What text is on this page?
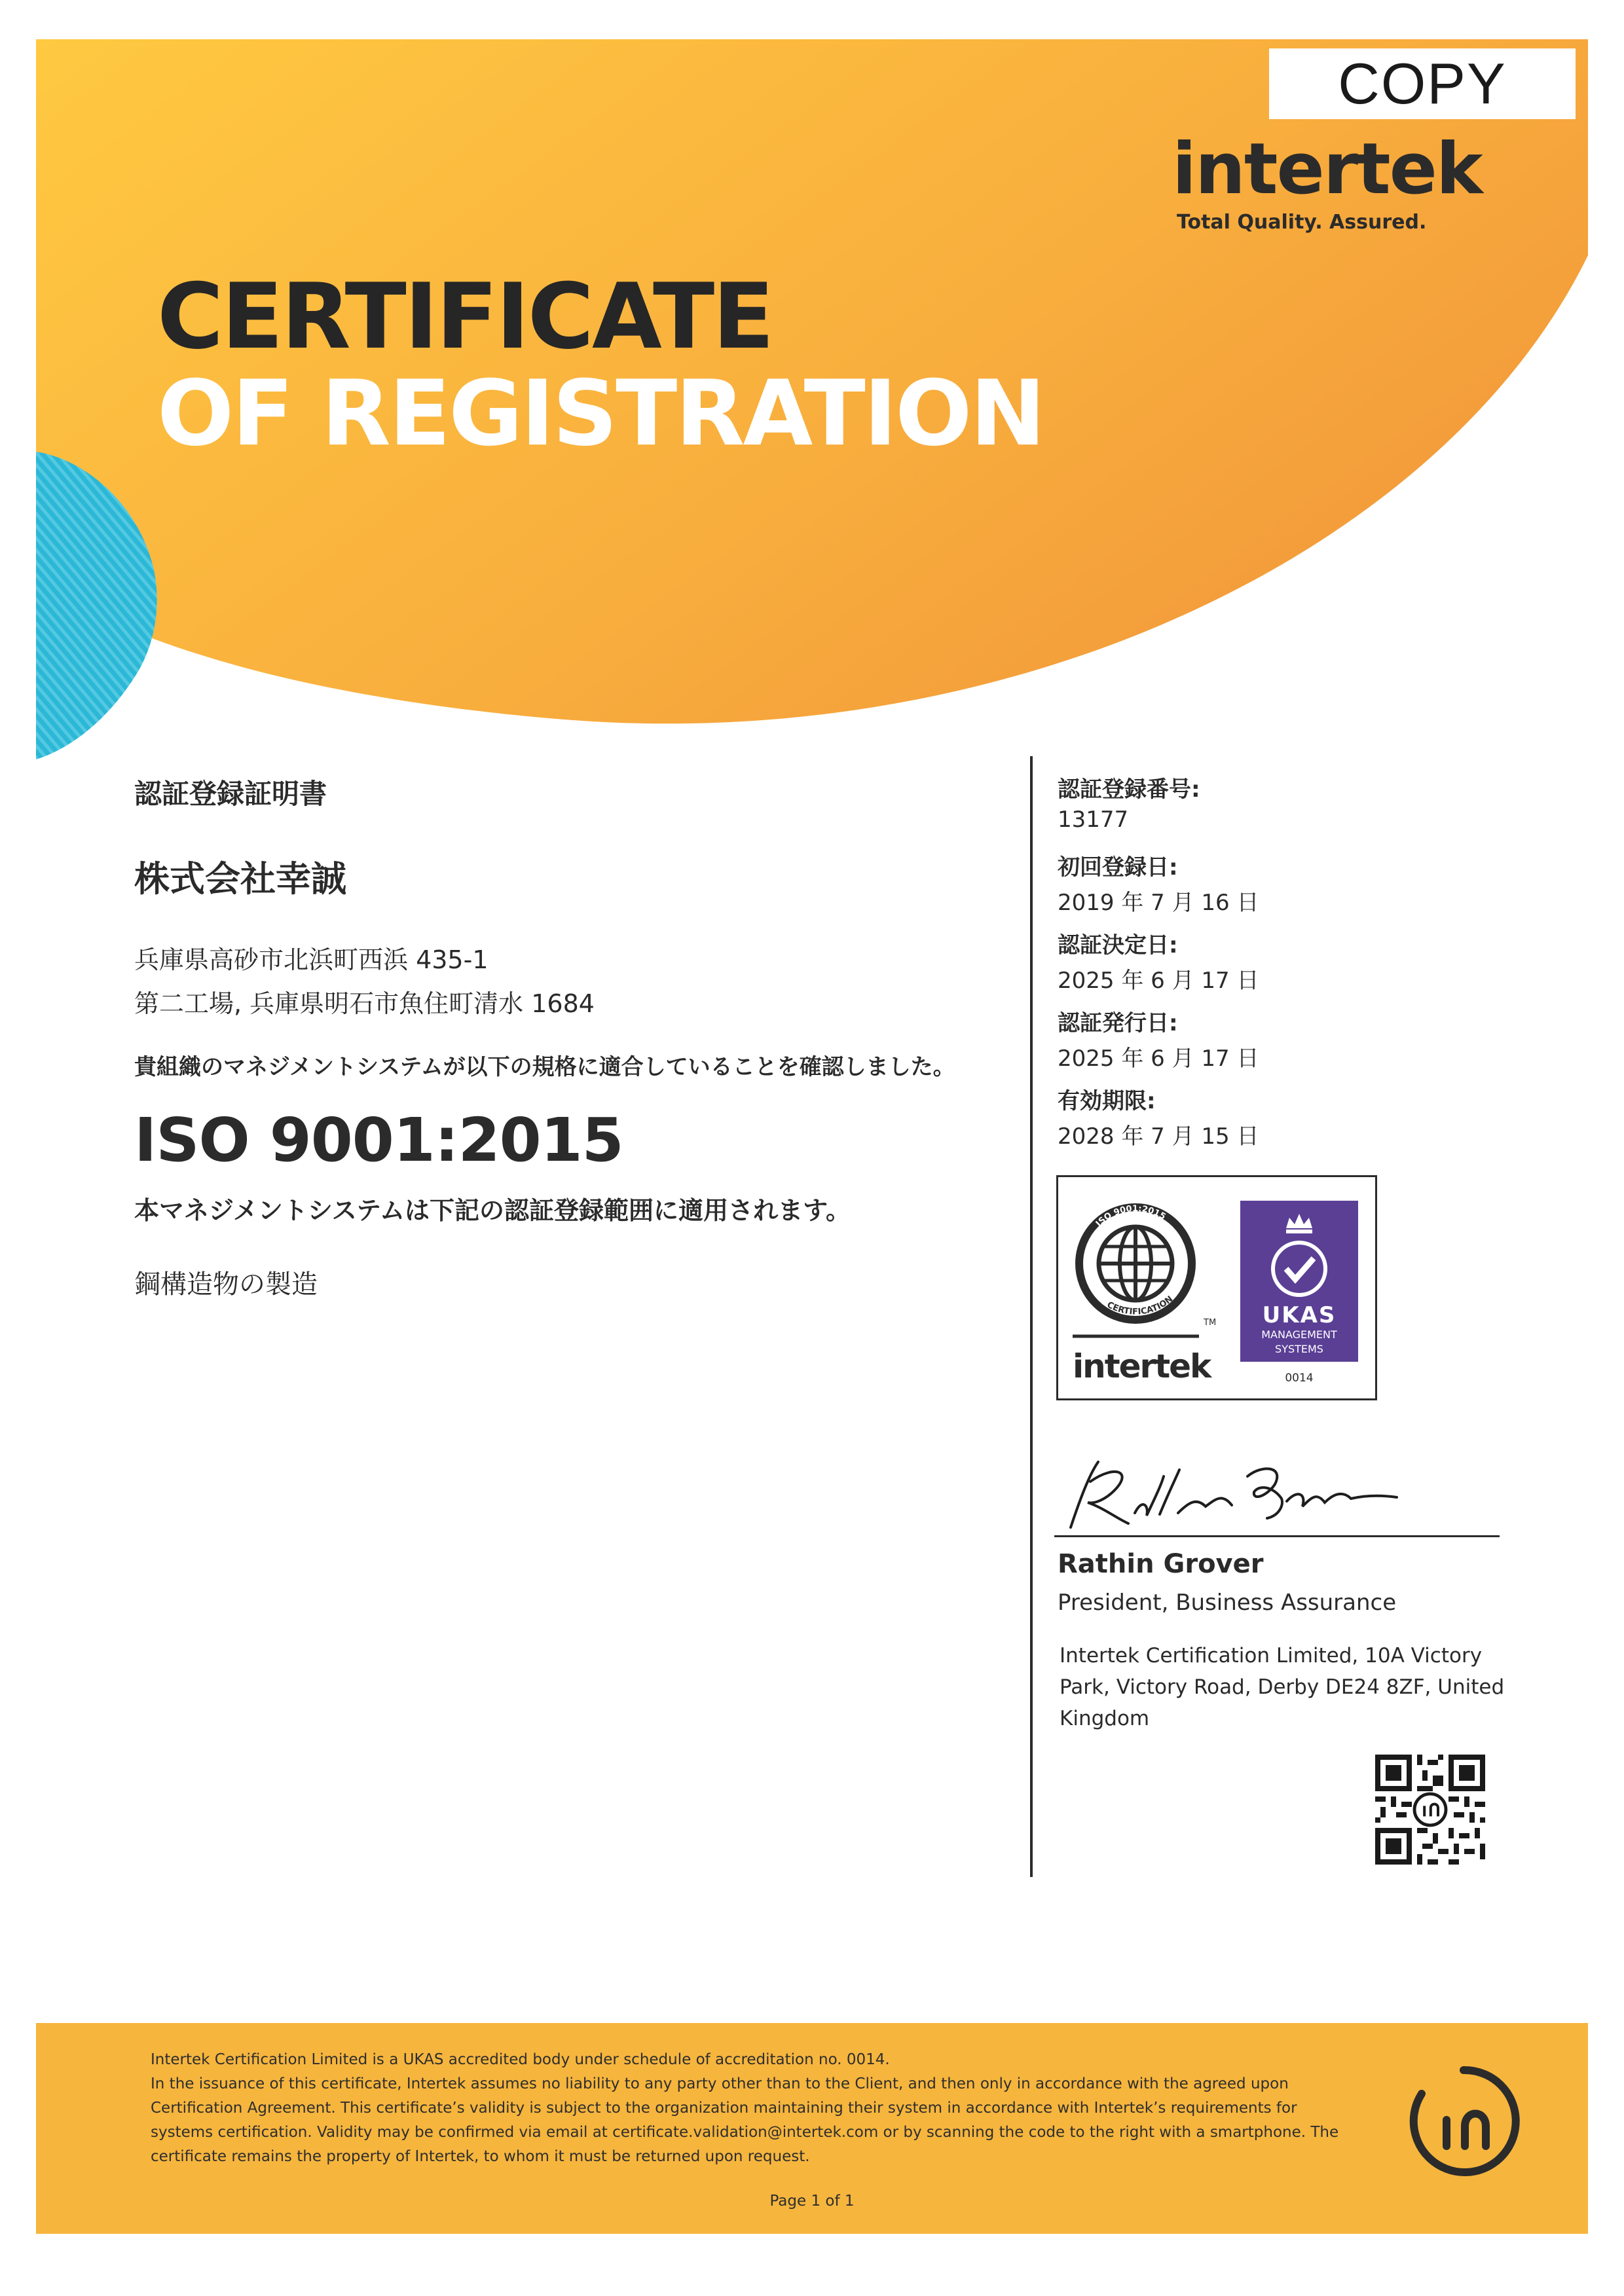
COPY
intertek
Total Quality. Assured.
CERTIFICATE
OF REGISTRATION
認証登録証明書
株式会社幸誠
兵庫県高砂市北浜町西浜 435-1
第二工場, 兵庫県明石市魚住町清水 1684
貴組織のマネジメントシステムが以下の規格に適合していることを確認しました。
ISO 9001:2015
本マネジメントシステムは下記の認証登録範囲に適用されます。
鋼構造物の製造
認証登録番号:
13177
初回登録日:
2019 年 7 月 16 日
認証決定日:
2025 年 6 月 17 日
認証発行日:
2025 年 6 月 17 日
有効期限:
2028 年 7 月 15 日
ISO 9001:2015
CERTIFICATION
TM
intertek
UKAS
MANAGEMENT
SYSTEMS
0014
Rathin Grover
President, Business Assurance
Intertek Certification Limited, 10A Victory Park, Victory Road, Derby DE24 8ZF, United Kingdom
Intertek Certification Limited is a UKAS accredited body under schedule of accreditation no. 0014.
In the issuance of this certificate, Intertek assumes no liability to any party other than to the Client, and then only in accordance with the agreed upon
Certification Agreement. This certificate’s validity is subject to the organization maintaining their system in accordance with Intertek’s requirements for
systems certification. Validity may be confirmed via email at certificate.validation@intertek.com or by scanning the code to the right with a smartphone. The
certificate remains the property of Intertek, to whom it must be returned upon request.
Page 1 of 1
